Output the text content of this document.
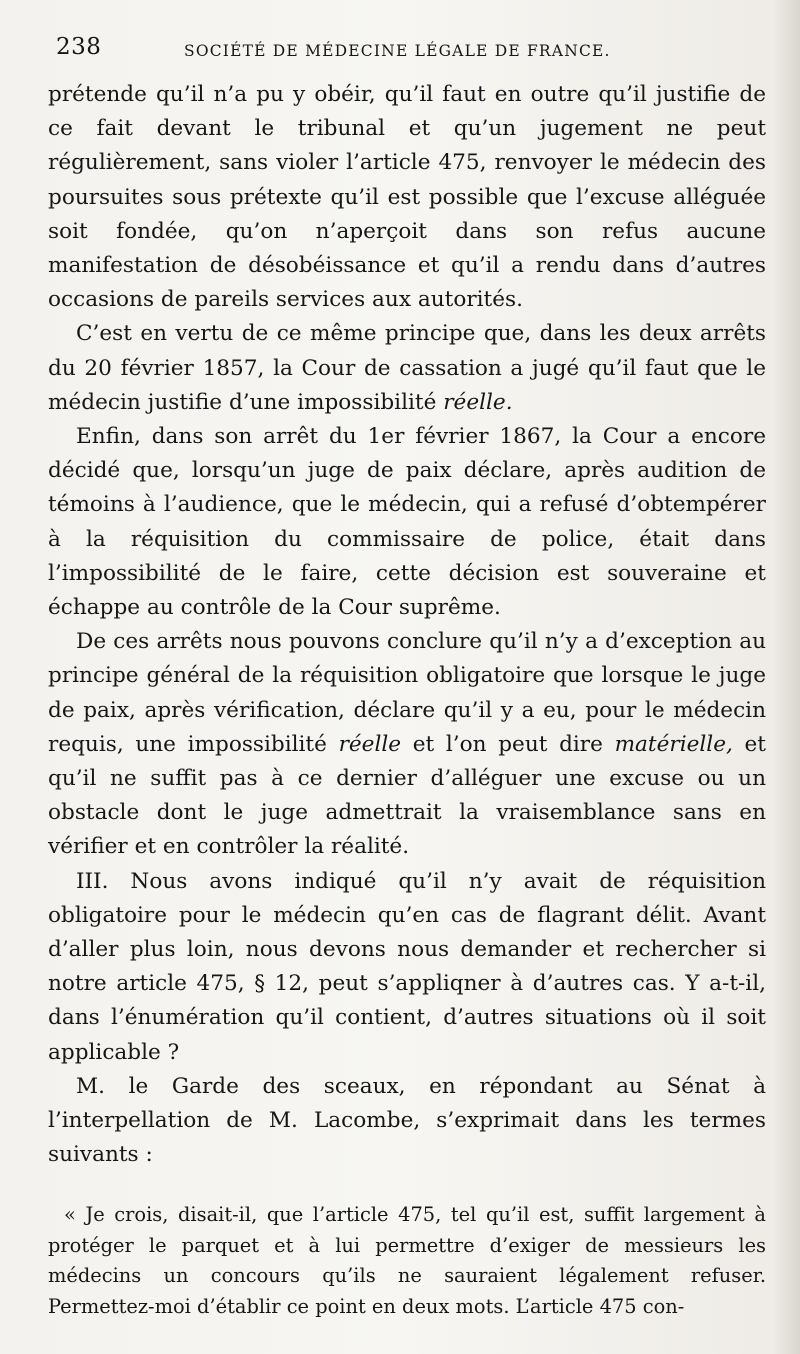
238	SOCIÉTÉ DE MÉDECINE LÉGALE DE FRANCE.

prétende qu’il n’a pu y obéir, qu’il faut en outre qu’il justifie de ce fait devant le tribunal et qu’un jugement ne peut régulièrement, sans violer l’article 475, renvoyer le médecin des poursuites sous prétexte qu’il est possible que l’excuse alléguée soit fondée, qu’on n’aperçoit dans son refus aucune manifestation de désobéissance et qu’il a rendu dans d’autres occasions de pareils services aux autorités.

C’est en vertu de ce même principe que, dans les deux arrêts du 20 février 1857, la Cour de cassation a jugé qu’il faut que le médecin justifie d’une impossibilité réelle.

Enfin, dans son arrêt du 1er février 1867, la Cour a encore décidé que, lorsqu’un juge de paix déclare, après audition de témoins à l’audience, que le médecin, qui a refusé d’obtempérer à la réquisition du commissaire de police, était dans l’impossibilité de le faire, cette décision est souveraine et échappe au contrôle de la Cour suprême.

De ces arrêts nous pouvons conclure qu’il n’y a d’exception au principe général de la réquisition obligatoire que lorsque le juge de paix, après vérification, déclare qu’il y a eu, pour le médecin requis, une impossibilité réelle et l’on peut dire matérielle, et qu’il ne suffit pas à ce dernier d’alléguer une excuse ou un obstacle dont le juge admettrait la vraisemblance sans en vérifier et en contrôler la réalité.

III. Nous avons indiqué qu’il n’y avait de réquisition obligatoire pour le médecin qu’en cas de flagrant délit. Avant d’aller plus loin, nous devons nous demander et rechercher si notre article 475, § 12, peut s’appliqner à d’autres cas. Y a-t-il, dans l’énumération qu’il contient, d’autres situations où il soit applicable ?

M. le Garde des sceaux, en répondant au Sénat à l’interpellation de M. Lacombe, s’exprimait dans les termes suivants :

« Je crois, disait-il, que l’article 475, tel qu’il est, suffit largement à protéger le parquet et à lui permettre d’exiger de messieurs les médecins un concours qu’ils ne sauraient légalement refuser. Permettez-moi d’établir ce point en deux mots. L’article 475 con-
